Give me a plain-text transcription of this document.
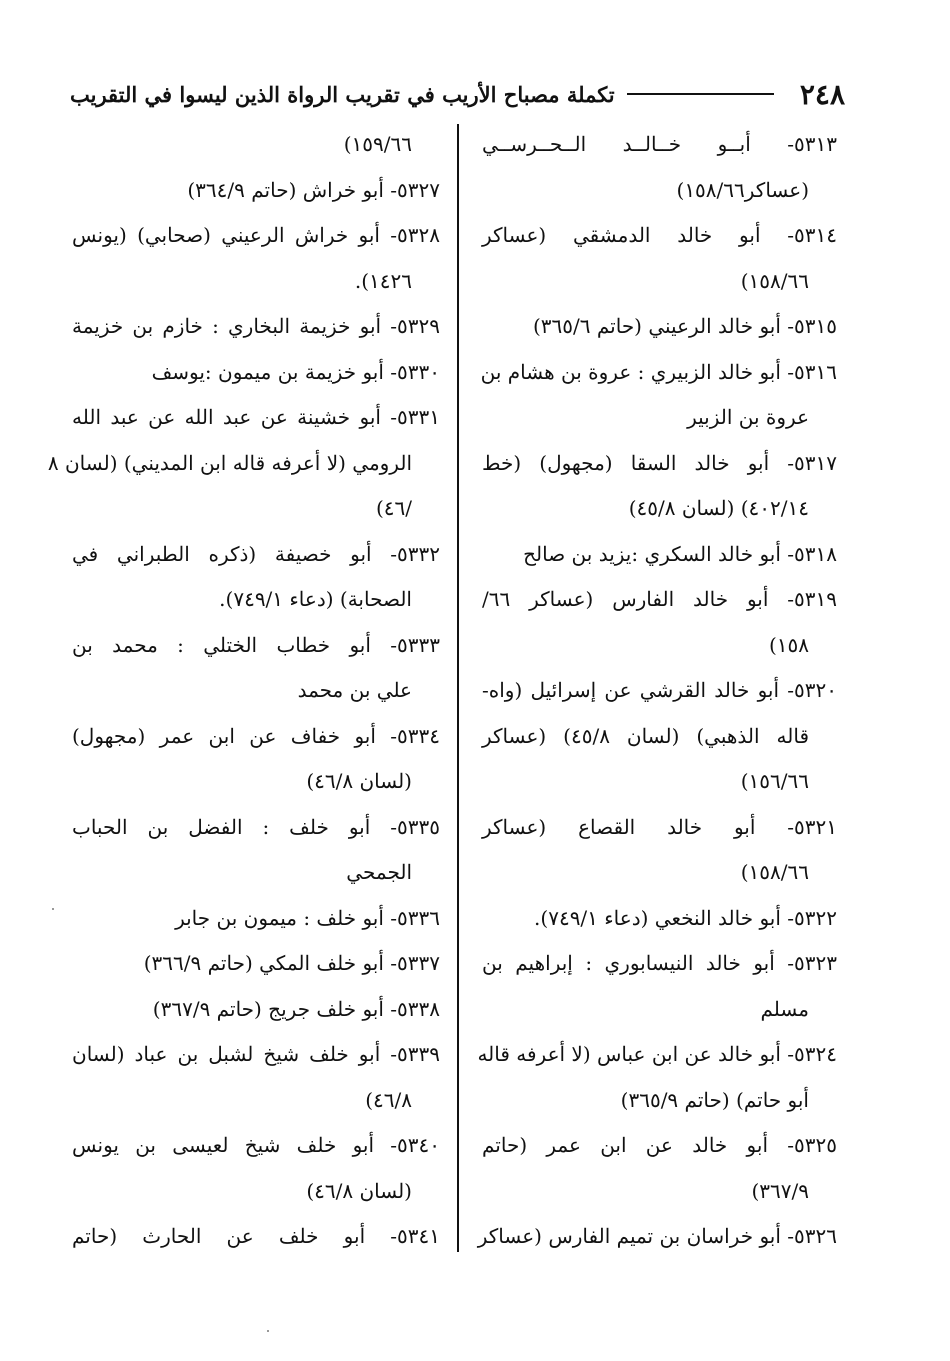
٢٤٨
تكملة مصباح الأريب في تقريب الرواة الذين ليسوا في التقريب
٥٣١٣- أبــو خــالــد الــحــرســي
(عساكر١٥٨/٦٦)
٥٣١٤- أبو خالد الدمشقي (عساكر
١٥٨/٦٦)
٥٣١٥- أبو خالد الرعيني (حاتم ٣٦٥/٦)
٥٣١٦- أبو خالد الزبيري : عروة بن هشام بن
عروة بن الزبير
٥٣١٧- أبو خالد السقا (مجهول) (خط
٤٠٢/١٤) (لسان ٤٥/٨)
٥٣١٨- أبو خالد السكري :يزيد بن صالح
٥٣١٩- أبو خالد الفارس (عساكر ٦٦/
١٥٨)
٥٣٢٠- أبو خالد القرشي عن إسرائيل (واه-
قاله الذهبي) (لسان ٤٥/٨) (عساكر
١٥٦/٦٦)
٥٣٢١- أبو خالد القصاع (عساكر
١٥٨/٦٦)
٥٣٢٢- أبو خالد النخعي (دعاء ٧٤٩/١).
٥٣٢٣- أبو خالد النيسابوري : إبراهيم بن
مسلم
٥٣٢٤- أبو خالد عن ابن عباس (لا أعرفه قاله
أبو حاتم) (حاتم ٣٦٥/٩)
٥٣٢٥- أبو خالد عن ابن عمر (حاتم
٣٦٧/٩)
٥٣٢٦- أبو خراسان بن تميم الفارس (عساكر
١٥٩/٦٦)
٥٣٢٧- أبو خراش (حاتم ٣٦٤/٩)
٥٣٢٨- أبو خراش الرعيني (صحابي) (يونس
١٤٢٦).
٥٣٢٩- أبو خزيمة البخاري : خازم بن خزيمة
٥٣٣٠- أبو خزيمة بن ميمون :يوسف
٥٣٣١- أبو خشينة عن عبد الله عن عبد الله
الرومي (لا أعرفه قاله ابن المديني) (لسان ٨
/٤٦)
٥٣٣٢- أبو خصيفة (ذكره الطبراني في
الصحابة) (دعاء ٧٤٩/١).
٥٣٣٣- أبو خطاب الختلي : محمد بن
علي بن محمد
٥٣٣٤- أبو خفاف عن ابن عمر (مجهول)
(لسان ٤٦/٨)
٥٣٣٥- أبو خلف : الفضل بن الحباب
الجمحي
٥٣٣٦- أبو خلف : ميمون بن جابر
٥٣٣٧- أبو خلف المكي (حاتم ٣٦٦/٩)
٥٣٣٨- أبو خلف جريج (حاتم ٣٦٧/٩)
٥٣٣٩- أبو خلف شيخ لشبل بن عباد (لسان
٤٦/٨)
٥٣٤٠- أبو خلف شيخ لعيسى بن يونس
(لسان ٤٦/٨)
٥٣٤١- أبو خلف عن الحارث (حاتم
